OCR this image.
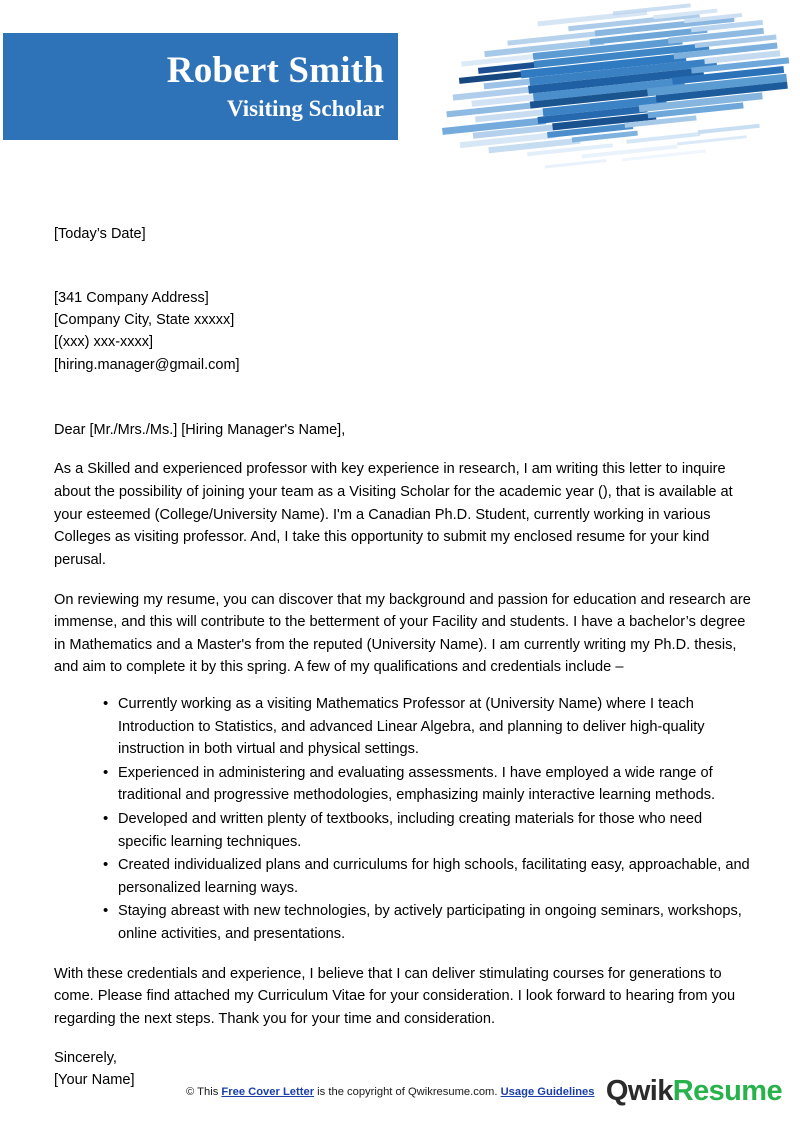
Robert Smith
Visiting Scholar
[Today’s Date]
[341 Company Address]
[Company City, State xxxxx]
[(xxx) xxx-xxxx]
[hiring.manager@gmail.com]
Dear [Mr./Mrs./Ms.] [Hiring Manager's Name],

As a Skilled and experienced professor with key experience in research, I am writing this letter to inquire about the possibility of joining your team as a Visiting Scholar for the academic year (), that is available at your esteemed (College/University Name). I'm a Canadian Ph.D. Student, currently working in various Colleges as visiting professor. And, I take this opportunity to submit my enclosed resume for your kind perusal.

On reviewing my resume, you can discover that my background and passion for education and research are immense, and this will contribute to the betterment of your Facility and students. I have a bachelor’s degree in Mathematics and a Master's from the reputed (University Name). I am currently writing my Ph.D. thesis, and aim to complete it by this spring. A few of my qualifications and credentials include –

• Currently working as a visiting Mathematics Professor at (University Name) where I teach Introduction to Statistics, and advanced Linear Algebra, and planning to deliver high-quality instruction in both virtual and physical settings.
• Experienced in administering and evaluating assessments. I have employed a wide range of traditional and progressive methodologies, emphasizing mainly interactive learning methods.
• Developed and written plenty of textbooks, including creating materials for those who need specific learning techniques.
• Created individualized plans and curriculums for high schools, facilitating easy, approachable, and personalized learning ways.
• Staying abreast with new technologies, by actively participating in ongoing seminars, workshops, online activities, and presentations.

With these credentials and experience, I believe that I can deliver stimulating courses for generations to come. Please find attached my Curriculum Vitae for your consideration. I look forward to hearing from you regarding the next steps. Thank you for your time and consideration.

Sincerely,
[Your Name]
© This Free Cover Letter is the copyright of Qwikresume.com. Usage Guidelines QwikResume
